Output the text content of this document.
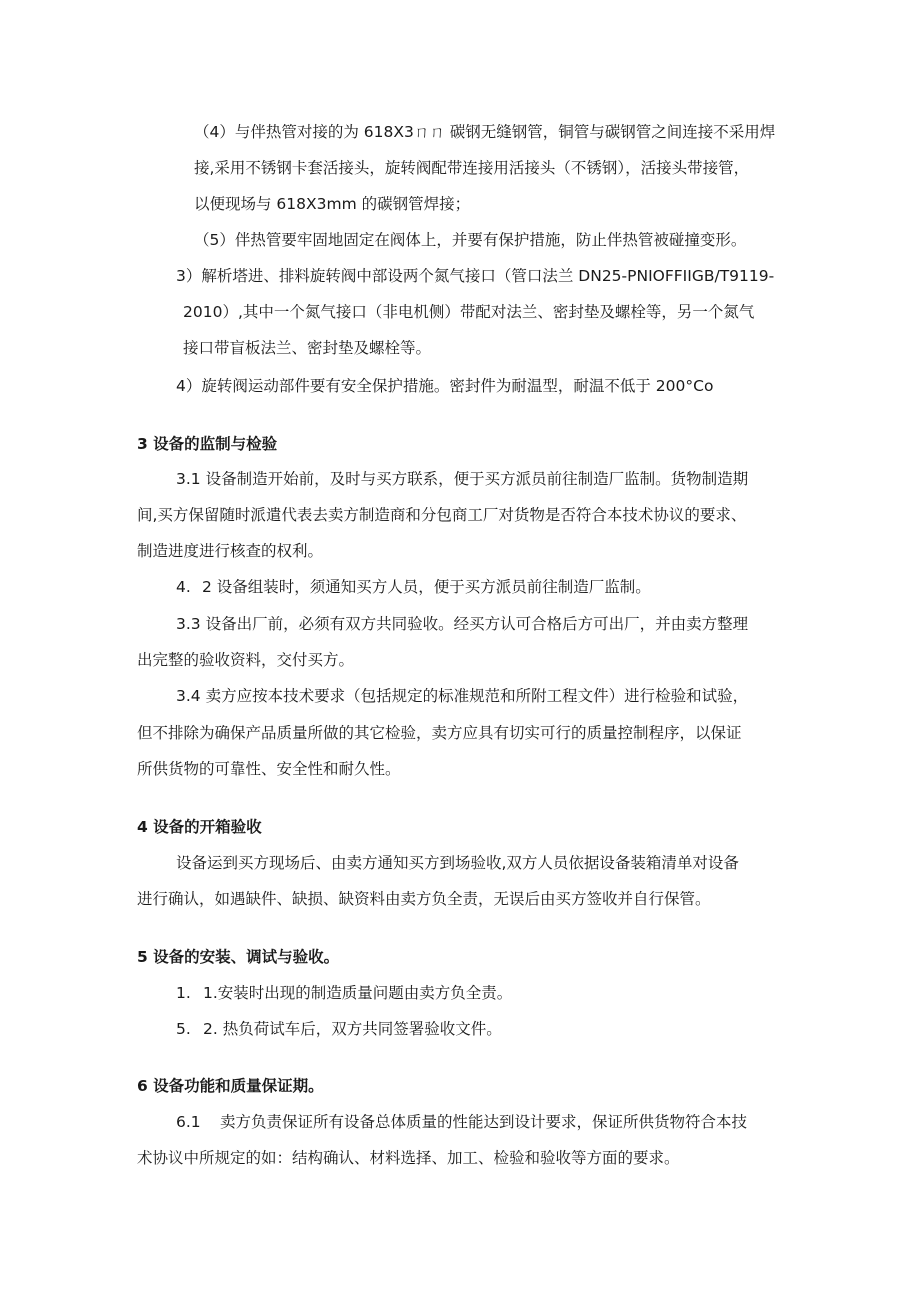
（4）与伴热管对接的为 618X3ㄇㄇ 碳钢无缝钢管，铜管与碳钢管之间连接不采用焊
接,采用不锈钢卡套活接头，旋转阀配带连接用活接头（不锈钢），活接头带接管，
以便现场与 618X3mm 的碳钢管焊接；
（5）伴热管要牢固地固定在阀体上，并要有保护措施，防止伴热管被碰撞变形。
3）解析塔进、排料旋转阀中部设两个氮气接口（管口法兰 DN25-PNIOFFIIGB/T9119-
2010）,其中一个氮气接口（非电机侧）带配对法兰、密封垫及螺栓等，另一个氮气
接口带盲板法兰、密封垫及螺栓等。
4）旋转阀运动部件要有安全保护措施。密封件为耐温型，耐温不低于 200°Co
3 设备的监制与检验
3.1 设备制造开始前，及时与买方联系，便于买方派员前往制造厂监制。货物制造期
间,买方保留随时派遣代表去卖方制造商和分包商工厂对货物是否符合本技术协议的要求、
制造进度进行核查的权利。
4. 2 设备组装时，须通知买方人员，便于买方派员前往制造厂监制。
3.3 设备出厂前，必须有双方共同验收。经买方认可合格后方可出厂，并由卖方整理
出完整的验收资料，交付买方。
3.4 卖方应按本技术要求（包括规定的标准规范和所附工程文件）进行检验和试验，
但不排除为确保产品质量所做的其它检验，卖方应具有切实可行的质量控制程序，以保证
所供货物的可靠性、安全性和耐久性。
4 设备的开箱验收
设备运到买方现场后、由卖方通知买方到场验收,双方人员依据设备装箱清单对设备
进行确认，如遇缺件、缺损、缺资料由卖方负全责，无误后由买方签收并自行保管。
5 设备的安装、调试与验收。
1. 1.安装时出现的制造质量问题由卖方负全责。
5. 2. 热负荷试车后，双方共同签署验收文件。
6 设备功能和质量保证期。
6.1 卖方负责保证所有设备总体质量的性能达到设计要求，保证所供货物符合本技
术协议中所规定的如：结构确认、材料选择、加工、检验和验收等方面的要求。
